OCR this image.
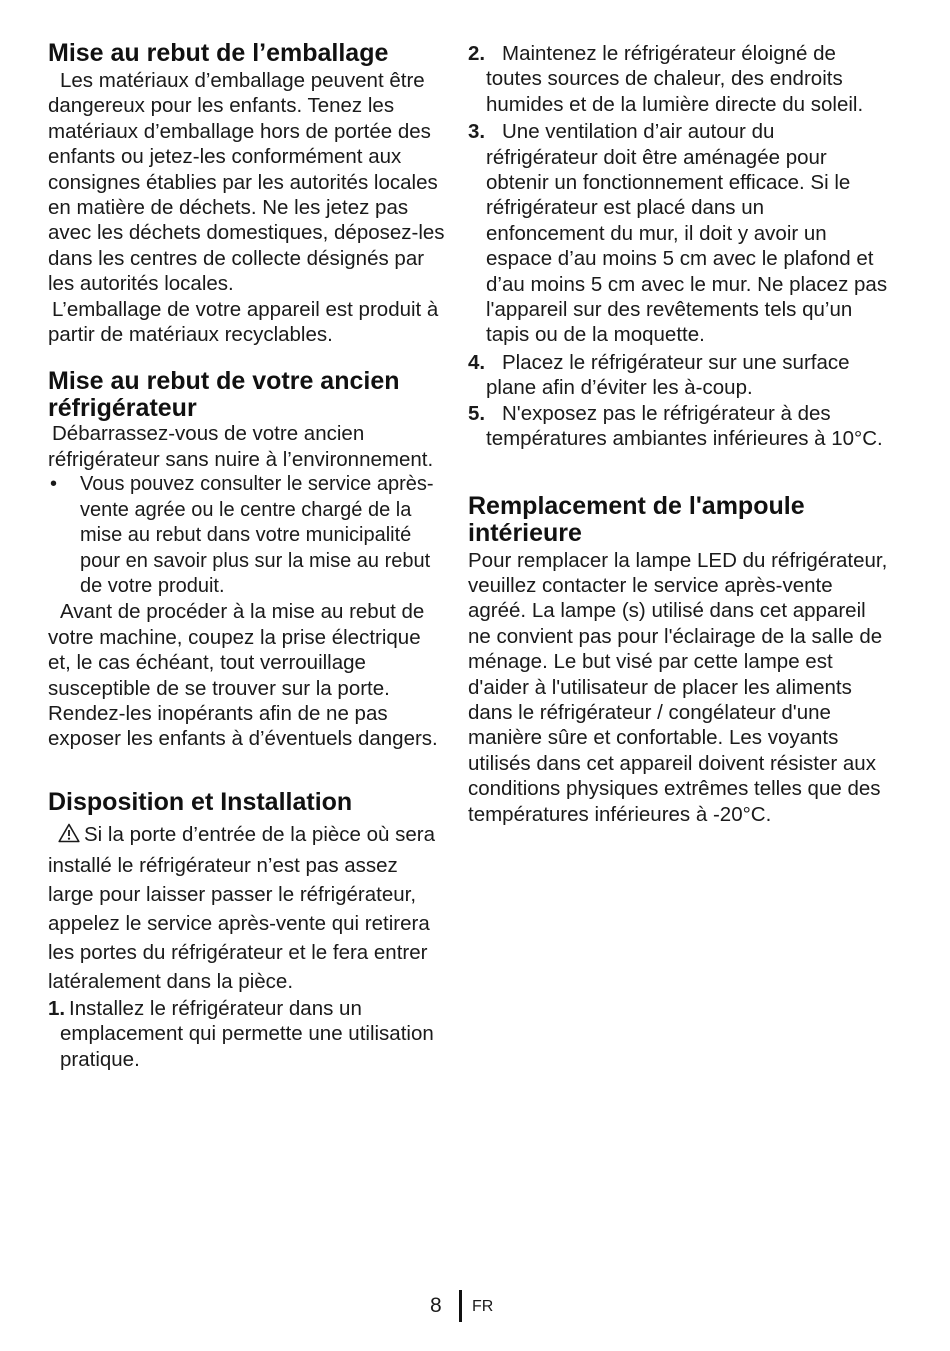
Mise au rebut de l’emballage

Les matériaux d’emballage peuvent être dangereux pour les enfants. Tenez les matériaux d’emballage hors de portée des enfants ou jetez-les conformément aux consignes établies par les autorités locales en matière de déchets. Ne les jetez pas avec les déchets domestiques, déposez-les dans les centres de collecte désignés par les autorités locales.

L’emballage de votre appareil est produit à partir de matériaux recyclables.

Mise au rebut de votre ancien réfrigérateur

Débarrassez-vous de votre ancien réfrigérateur sans nuire à l’environnement.

• Vous pouvez consulter le service après-vente agrée ou le centre chargé de la mise au rebut dans votre municipalité pour en savoir plus sur la mise au rebut de votre produit.

Avant de procéder à la mise au rebut de votre machine, coupez la prise électrique et, le cas échéant, tout verrouillage susceptible de se trouver sur la porte. Rendez-les inopérants afin de ne pas exposer les enfants à d’éventuels dangers.

Disposition et Installation

Si la porte d’entrée de la pièce où sera installé le réfrigérateur n’est pas assez large pour laisser passer le réfrigérateur, appelez le service après-vente qui retirera les portes du réfrigérateur et le fera entrer latéralement dans la pièce.

1. Installez le réfrigérateur dans un emplacement qui permette une utilisation pratique.
2. Maintenez le réfrigérateur éloigné de toutes sources de chaleur, des endroits humides et de la lumière directe du soleil.
3. Une ventilation d’air autour du réfrigérateur doit être aménagée pour obtenir un fonctionnement efficace. Si le réfrigérateur est placé dans un enfoncement du mur, il doit y avoir un espace d’au moins 5 cm avec le plafond et d’au moins 5 cm avec le mur. Ne placez pas l'appareil sur des revêtements tels qu’un tapis ou de la moquette.
4. Placez le réfrigérateur sur une surface plane afin d’éviter les à-coup.
5. N'exposez pas le réfrigérateur à des températures ambiantes inférieures à 10°C.
Remplacement de l'ampoule intérieure

Pour remplacer la lampe LED du réfrigérateur, veuillez contacter le service après-vente agréé. La lampe (s) utilisé dans cet appareil ne convient pas pour l'éclairage de la salle de ménage. Le but visé par cette lampe est d'aider à l'utilisateur de placer les aliments dans le réfrigérateur / congélateur d'une manière sûre et confortable. Les voyants utilisés dans cet appareil doivent résister aux conditions physiques extrêmes telles que des températures inférieures à -20°C.

8 FR
